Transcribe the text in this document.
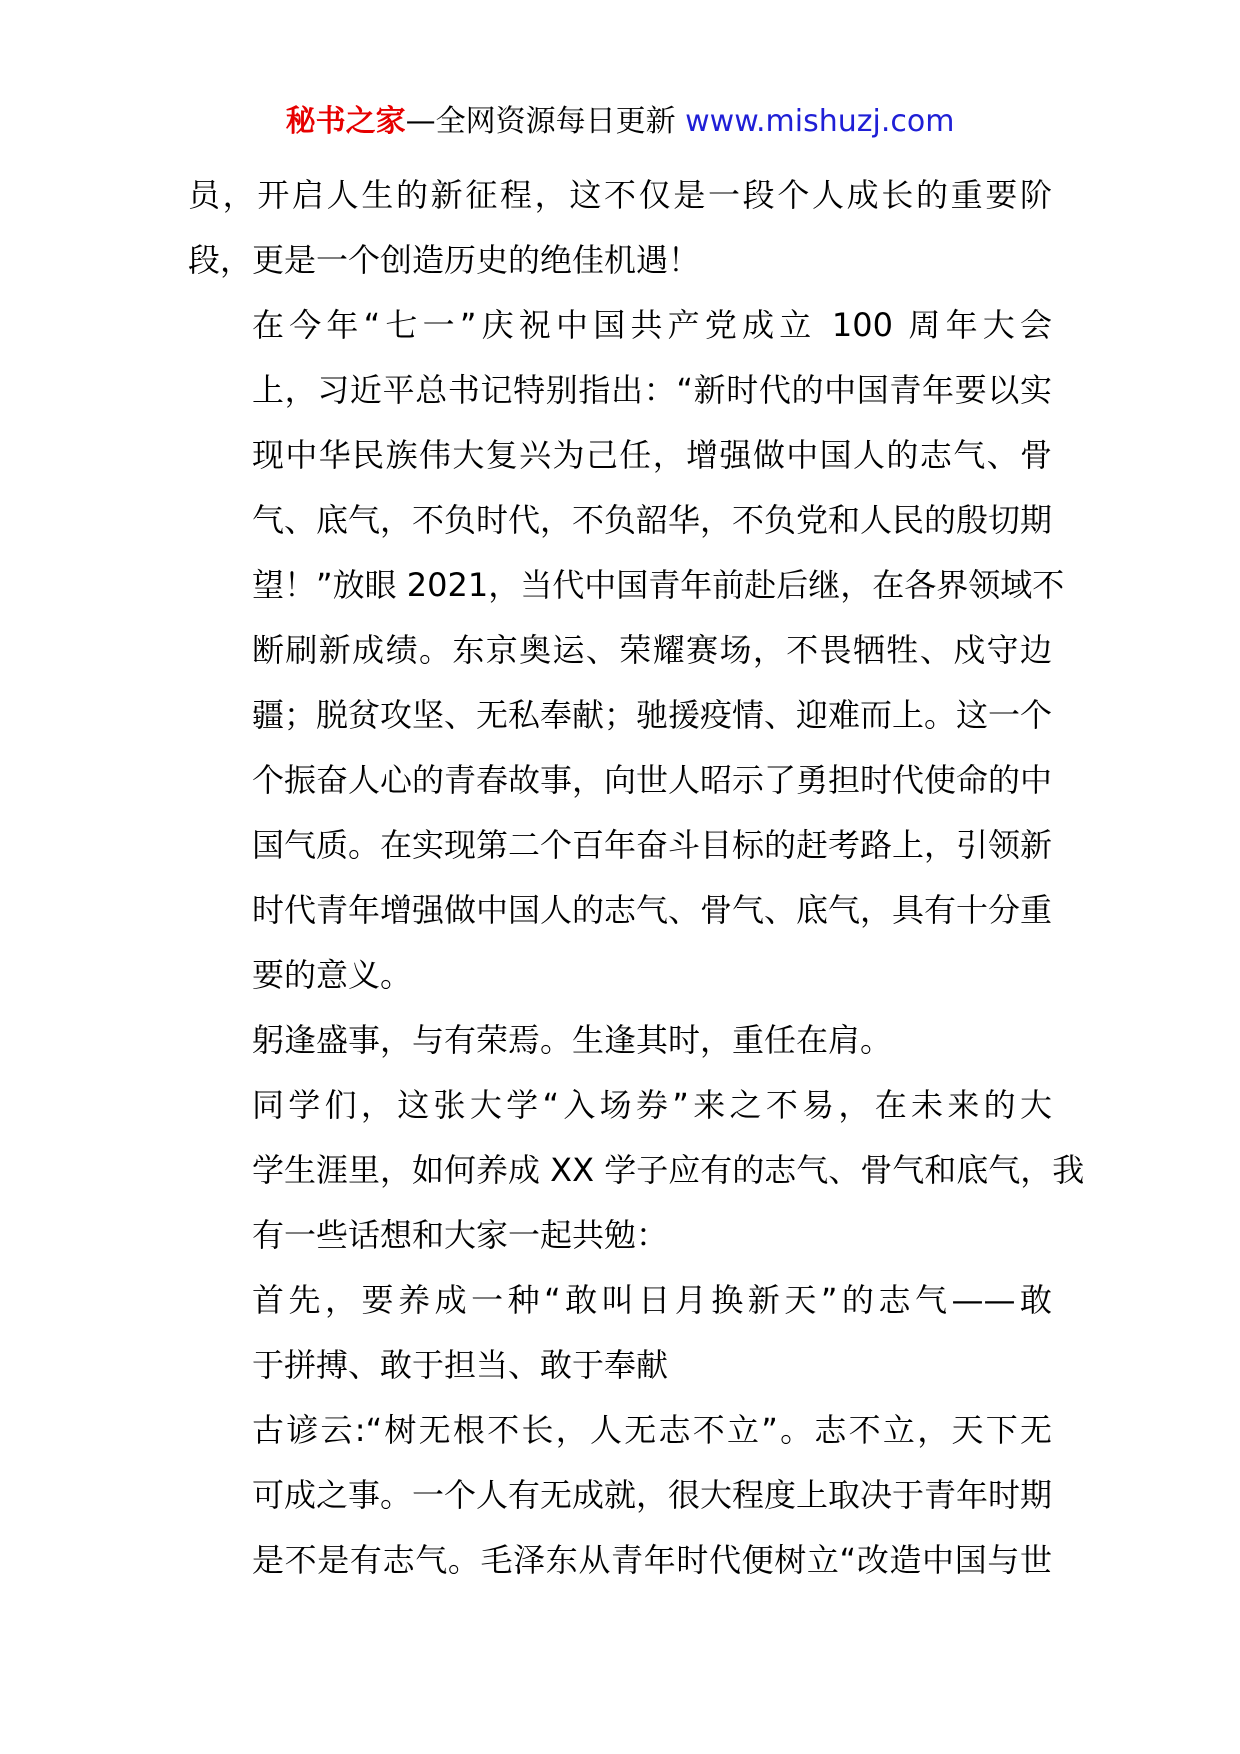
秘书之家—全网资源每日更新 www.mishuzj.com

员，开启人生的新征程，这不仅是一段个人成长的重要阶
段，更是一个创造历史的绝佳机遇！

在今年“七一”庆祝中国共产党成立 100 周年大会
上，习近平总书记特别指出：“新时代的中国青年要以实
现中华民族伟大复兴为己任，增强做中国人的志气、骨
气、底气，不负时代，不负韶华，不负党和人民的殷切期
望！”放眼 2021，当代中国青年前赴后继，在各界领域不
断刷新成绩。东京奥运、荣耀赛场，不畏牺牲、戍守边
疆；脱贫攻坚、无私奉献；驰援疫情、迎难而上。这一个
个振奋人心的青春故事，向世人昭示了勇担时代使命的中
国气质。在实现第二个百年奋斗目标的赶考路上，引领新
时代青年增强做中国人的志气、骨气、底气，具有十分重
要的意义。

躬逢盛事，与有荣焉。生逢其时，重任在肩。

同学们，这张大学“入场券”来之不易，在未来的大
学生涯里，如何养成 XX 学子应有的志气、骨气和底气，我
有一些话想和大家一起共勉：

首先，要养成一种“敢叫日月换新天”的志气——敢
于拼搏、敢于担当、敢于奉献

古谚云:“树无根不长，人无志不立”。志不立，天下无
可成之事。一个人有无成就，很大程度上取决于青年时期
是不是有志气。毛泽东从青年时代便树立“改造中国与世
